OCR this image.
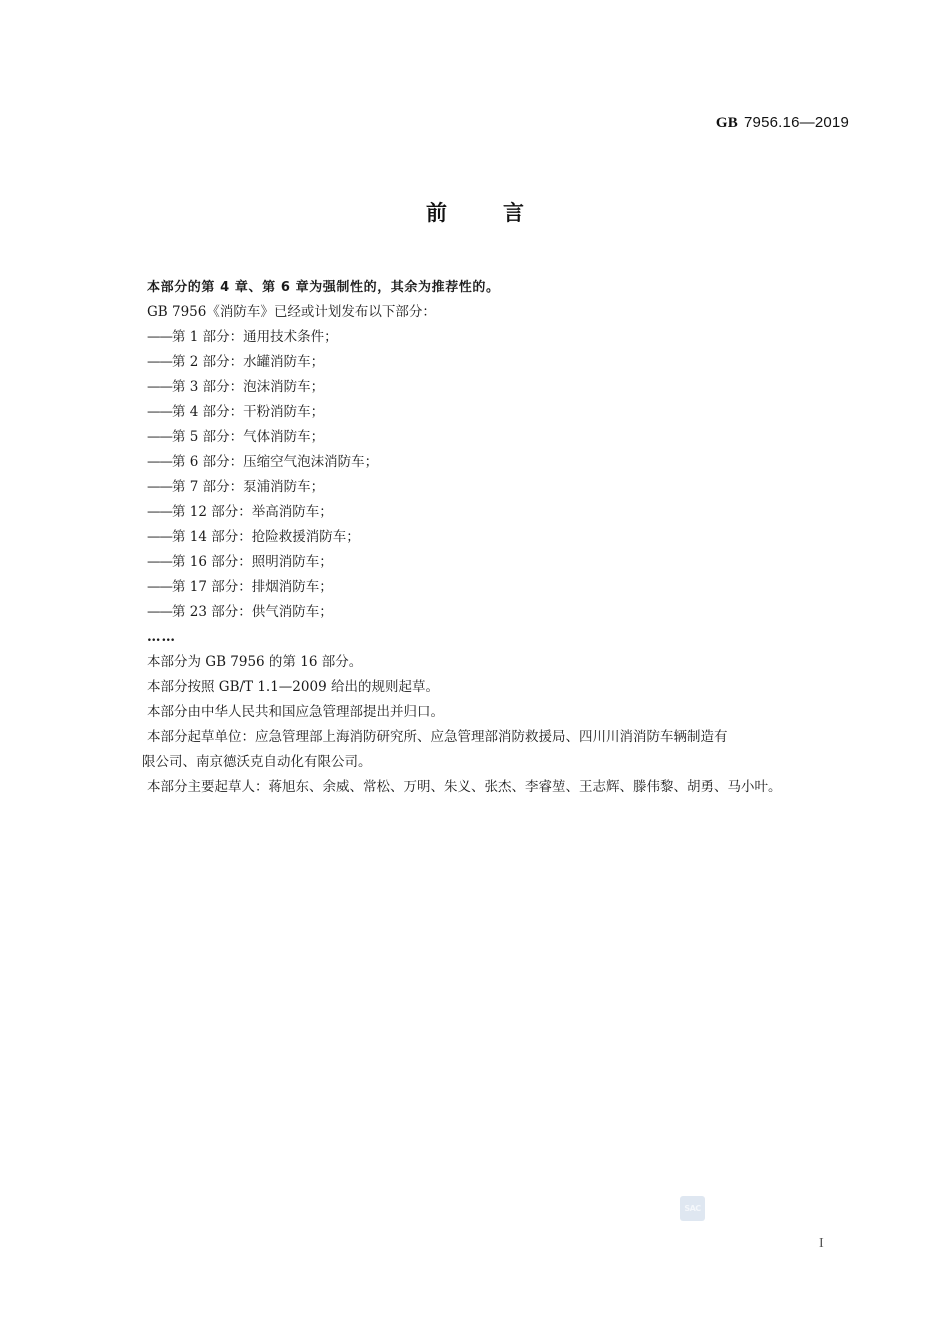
GB 7956.16—2019
前言
本部分的第 4 章、第 6 章为强制性的，其余为推荐性的。
GB 7956《消防车》已经或计划发布以下部分：
——第 1 部分：通用技术条件；
——第 2 部分：水罐消防车；
——第 3 部分：泡沫消防车；
——第 4 部分：干粉消防车；
——第 5 部分：气体消防车；
——第 6 部分：压缩空气泡沫消防车；
——第 7 部分：泵浦消防车；
——第 12 部分：举高消防车；
——第 14 部分：抢险救援消防车；
——第 16 部分：照明消防车；
——第 17 部分：排烟消防车；
——第 23 部分：供气消防车；
……
本部分为 GB 7956 的第 16 部分。
本部分按照 GB/T 1.1—2009 给出的规则起草。
本部分由中华人民共和国应急管理部提出并归口。
本部分起草单位：应急管理部上海消防研究所、应急管理部消防救援局、四川川消消防车辆制造有
限公司、南京德沃克自动化有限公司。
本部分主要起草人：蒋旭东、余威、常松、万明、朱义、张杰、李睿堃、王志辉、滕伟黎、胡勇、马小叶。
SAC
I
